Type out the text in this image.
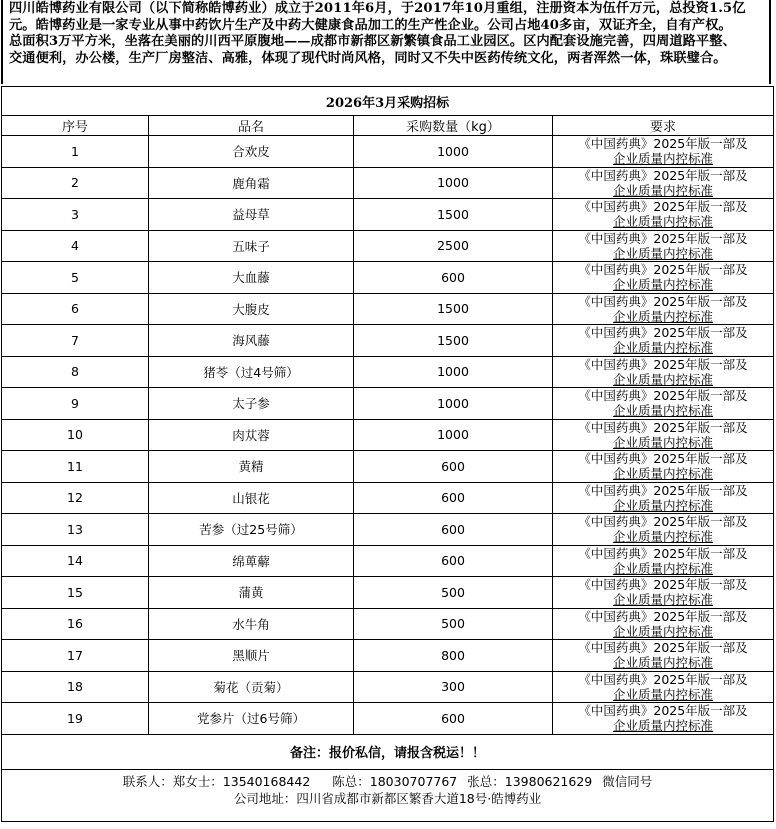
四川皓博药业有限公司（以下简称皓博药业）成立于2011年6月，于2017年10月重组，注册资本为伍仟万元，总投资1.5亿

元。皓博药业是一家专业从事中药饮片生产及中药大健康食品加工的生产性企业。公司占地40多亩，双证齐全，自有产权。

总面积3万平方米，坐落在美丽的川西平原腹地——成都市新都区新繁镇食品工业园区。区内配套设施完善，四周道路平整、

交通便利，办公楼，生产厂房整洁、高雅，体现了现代时尚风格，同时又不失中医药传统文化，两者浑然一体，珠联璧合。

2026年3月采购招标			
序号	品名	采购数量（kg）	要求
1	合欢皮	1000	《中国药典》2025年版一部及
企业质量内控标准

2	鹿角霜	1000	《中国药典》2025年版一部及
企业质量内控标准

3	益母草	1500	《中国药典》2025年版一部及
企业质量内控标准

4	五味子	2500	《中国药典》2025年版一部及
企业质量内控标准

5	大血藤	600	《中国药典》2025年版一部及
企业质量内控标准

6	大腹皮	1500	《中国药典》2025年版一部及
企业质量内控标准

7	海风藤	1500	《中国药典》2025年版一部及
企业质量内控标准

8	猪苓（过4号筛）	1000	《中国药典》2025年版一部及
企业质量内控标准

9	太子参	1000	《中国药典》2025年版一部及
企业质量内控标准

10	肉苁蓉	1000	《中国药典》2025年版一部及
企业质量内控标准

11	黄精	600	《中国药典》2025年版一部及
企业质量内控标准

12	山银花	600	《中国药典》2025年版一部及
企业质量内控标准

13	苦参（过25号筛）	600	《中国药典》2025年版一部及
企业质量内控标准

14	绵萆薢	600	《中国药典》2025年版一部及
企业质量内控标准

15	蒲黄	500	《中国药典》2025年版一部及
企业质量内控标准

16	水牛角	500	《中国药典》2025年版一部及
企业质量内控标准

17	黑顺片	800	《中国药典》2025年版一部及
企业质量内控标准

18	菊花（贡菊）	300	《中国药典》2025年版一部及
企业质量内控标准

19	党参片（过6号筛）	600	《中国药典》2025年版一部及
企业质量内控标准

备注：报价私信，请报含税运！！			

联系人：郑女士：13540168442 陈总：18030707767 张总：13980621629 微信同号
公司地址：四川省成都市新都区繁香大道18号·皓博药业			
